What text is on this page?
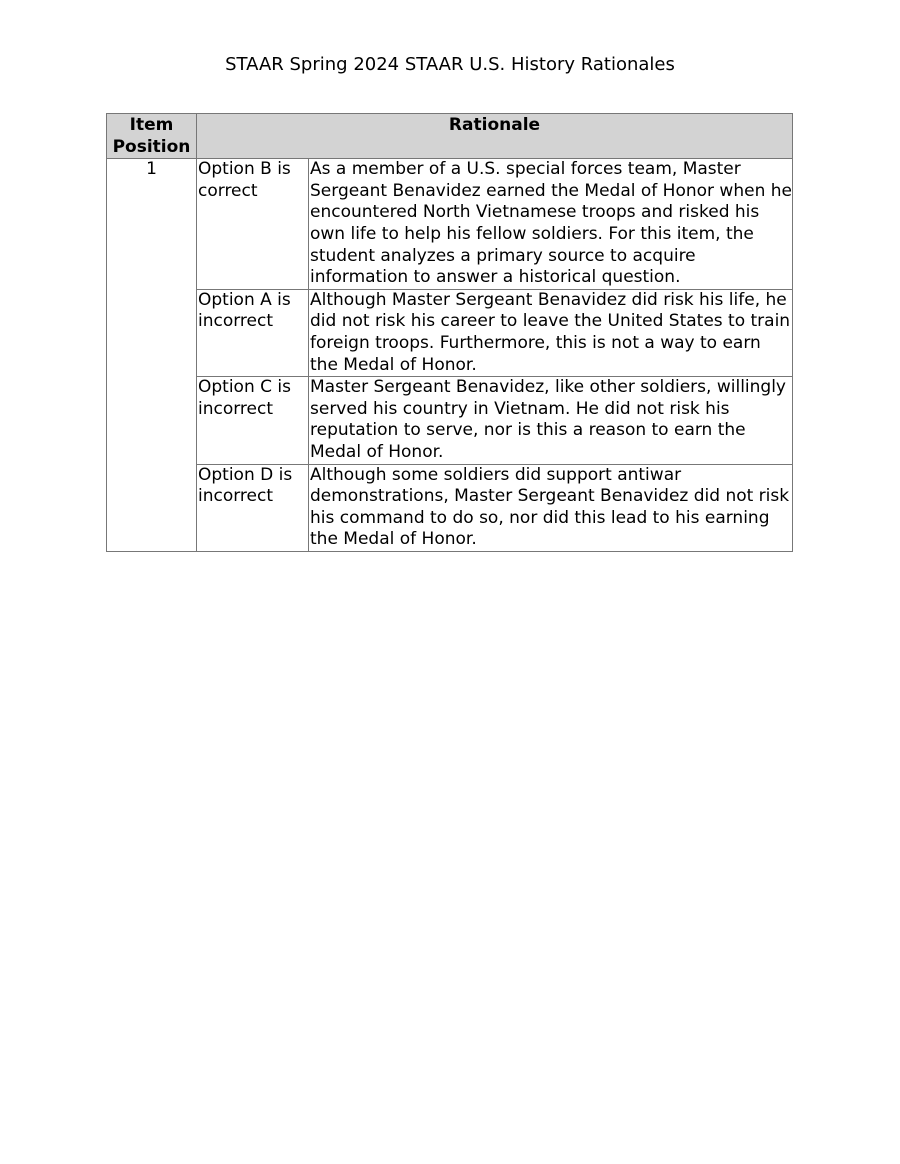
STAAR Spring 2024 STAAR U.S. History Rationales
Item Position	Rationale	
1	Option B is correct	As a member of a U.S. special forces team, Master Sergeant Benavidez earned the Medal of Honor when he encountered North Vietnamese troops and risked his own life to help his fellow soldiers. For this item, the student analyzes a primary source to acquire information to answer a historical question.
	Option A is incorrect	Although Master Sergeant Benavidez did risk his life, he did not risk his career to leave the United States to train foreign troops. Furthermore, this is not a way to earn the Medal of Honor.
	Option C is incorrect	Master Sergeant Benavidez, like other soldiers, willingly served his country in Vietnam. He did not risk his reputation to serve, nor is this a reason to earn the Medal of Honor.
	Option D is incorrect	Although some soldiers did support antiwar demonstrations, Master Sergeant Benavidez did not risk his command to do so, nor did this lead to his earning the Medal of Honor.
